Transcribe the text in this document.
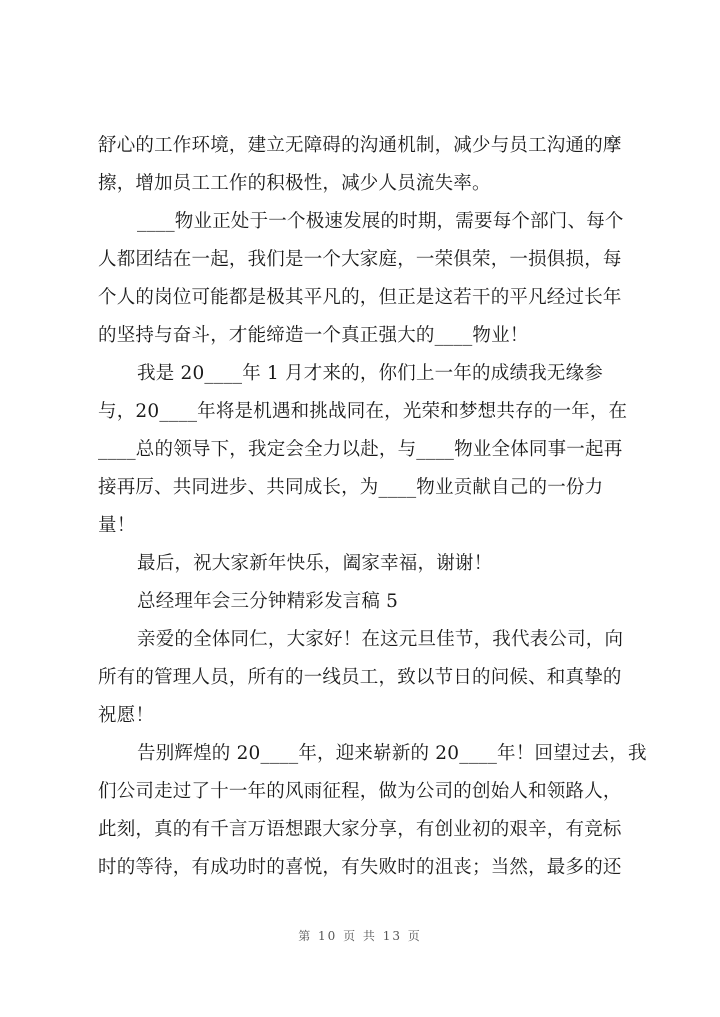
舒心的工作环境，建立无障碍的沟通机制，减少与员工沟通的摩
擦，增加员工工作的积极性，减少人员流失率。
____物业正处于一个极速发展的时期，需要每个部门、每个
人都团结在一起，我们是一个大家庭，一荣俱荣，一损俱损，每
个人的岗位可能都是极其平凡的，但正是这若干的平凡经过长年
的坚持与奋斗，才能缔造一个真正强大的____物业！
我是 20____年 1 月才来的，你们上一年的成绩我无缘参
与，20____年将是机遇和挑战同在，光荣和梦想共存的一年，在
____总的领导下，我定会全力以赴，与____物业全体同事一起再
接再厉、共同进步、共同成长，为____物业贡献自己的一份力
量！
最后，祝大家新年快乐，阖家幸福，谢谢！
总经理年会三分钟精彩发言稿 5
亲爱的全体同仁，大家好！在这元旦佳节，我代表公司，向
所有的管理人员，所有的一线员工，致以节日的问候、和真挚的
祝愿！
告别辉煌的 20____年，迎来崭新的 20____年！回望过去，我
们公司走过了十一年的风雨征程，做为公司的创始人和领路人，
此刻，真的有千言万语想跟大家分享，有创业初的艰辛，有竞标
时的等待，有成功时的喜悦，有失败时的沮丧；当然，最多的还
第 10 页 共 13 页
